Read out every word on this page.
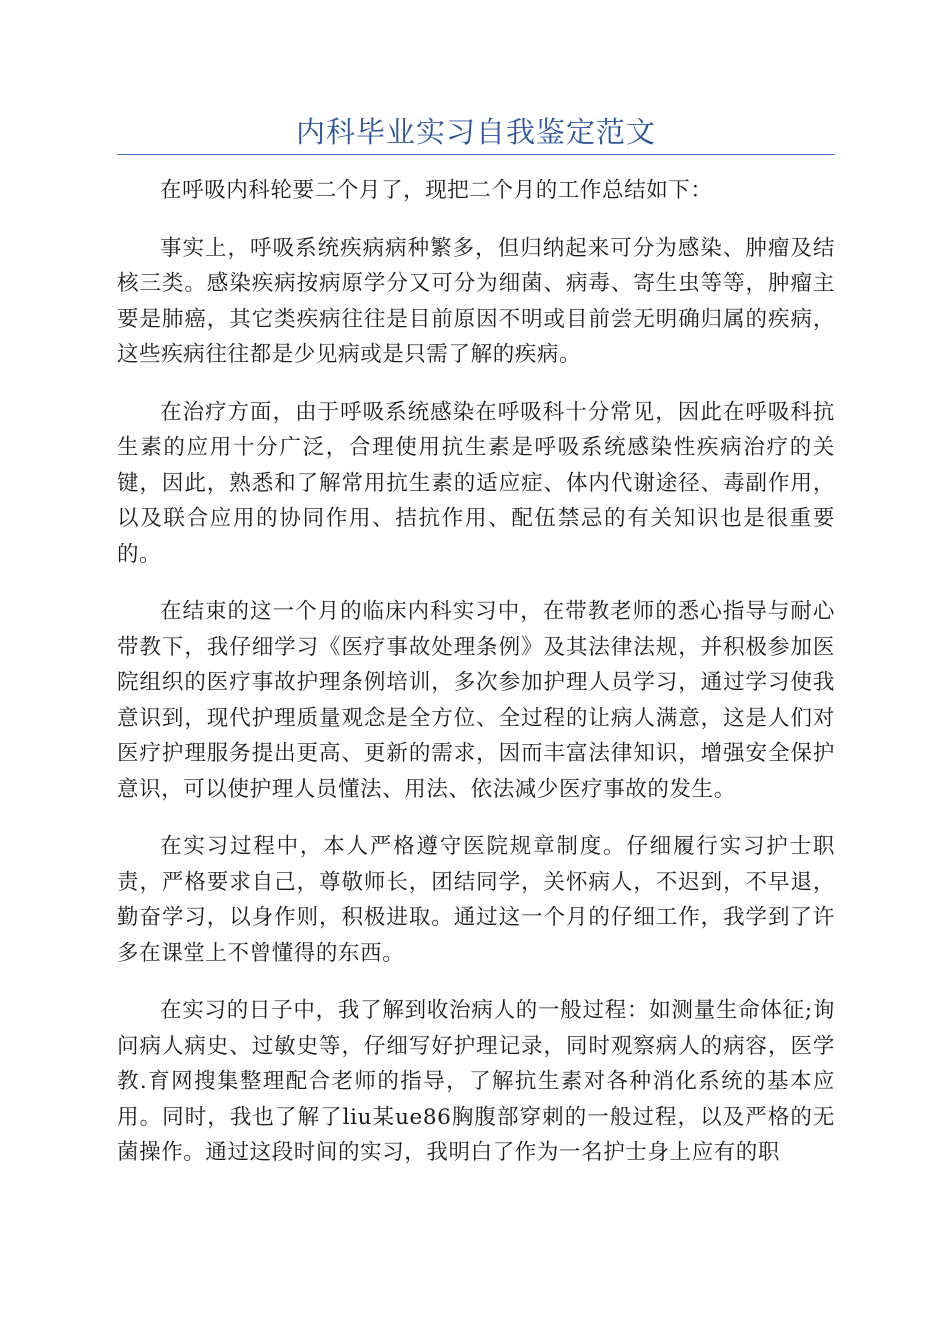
内科毕业实习自我鉴定范文

在呼吸内科轮要二个月了，现把二个月的工作总结如下：

事实上，呼吸系统疾病病种繁多，但归纳起来可分为感染、肿瘤及结核三类。感染疾病按病原学分又可分为细菌、病毒、寄生虫等等，肿瘤主要是肺癌，其它类疾病往往是目前原因不明或目前尝无明确归属的疾病，这些疾病往往都是少见病或是只需了解的疾病。

在治疗方面，由于呼吸系统感染在呼吸科十分常见，因此在呼吸科抗生素的应用十分广泛，合理使用抗生素是呼吸系统感染性疾病治疗的关键，因此，熟悉和了解常用抗生素的适应症、体内代谢途径、毒副作用，以及联合应用的协同作用、拮抗作用、配伍禁忌的有关知识也是很重要的。

在结束的这一个月的临床内科实习中，在带教老师的悉心指导与耐心带教下，我仔细学习《医疗事故处理条例》及其法律法规，并积极参加医院组织的医疗事故护理条例培训，多次参加护理人员学习，通过学习使我意识到，现代护理质量观念是全方位、全过程的让病人满意，这是人们对医疗护理服务提出更高、更新的需求，因而丰富法律知识，增强安全保护意识，可以使护理人员懂法、用法、依法减少医疗事故的发生。

在实习过程中，本人严格遵守医院规章制度。仔细履行实习护士职责，严格要求自己，尊敬师长，团结同学，关怀病人，不迟到，不早退，勤奋学习，以身作则，积极进取。通过这一个月的仔细工作，我学到了许多在课堂上不曾懂得的东西。

在实习的日子中，我了解到收治病人的一般过程：如测量生命体征;询问病人病史、过敏史等，仔细写好护理记录，同时观察病人的病容，医学教.育网搜集整理配合老师的指导，了解抗生素对各种消化系统的基本应用。同时，我也了解了liu某ue86胸腹部穿刺的一般过程，以及严格的无菌操作。通过这段时间的实习，我明白了作为一名护士身上应有的职
